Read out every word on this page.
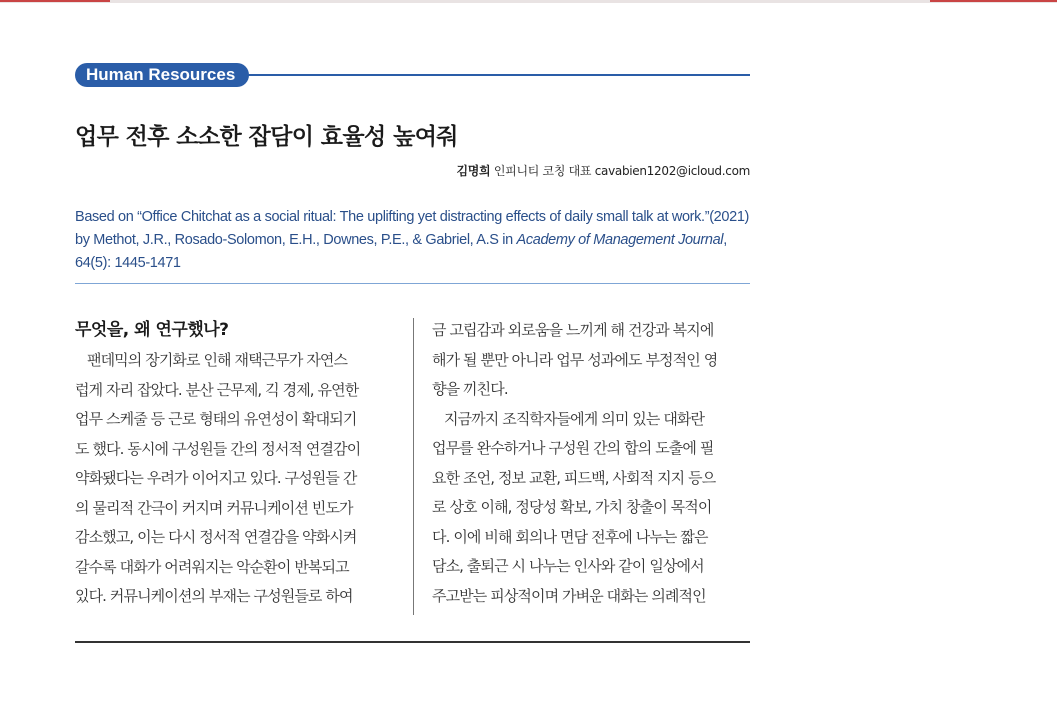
Human Resources
업무 전후 소소한 잡담이 효율성 높여줘
김명희 인피니티 코칭 대표 cavabien1202@icloud.com
Based on “Office Chitchat as a social ritual: The uplifting yet distracting effects of daily small talk at work.”(2021)
by Methot, J.R., Rosado-Solomon, E.H., Downes, P.E., & Gabriel, A.S in Academy of Management Journal,
64(5): 1445-1471
무엇을, 왜 연구했나?
팬데믹의 장기화로 인해 재택근무가 자연스
럽게 자리 잡았다. 분산 근무제, 긱 경제, 유연한
업무 스케줄 등 근로 형태의 유연성이 확대되기
도 했다. 동시에 구성원들 간의 정서적 연결감이
약화됐다는 우려가 이어지고 있다. 구성원들 간
의 물리적 간극이 커지며 커뮤니케이션 빈도가
감소했고, 이는 다시 정서적 연결감을 약화시켜
갈수록 대화가 어려워지는 악순환이 반복되고
있다. 커뮤니케이션의 부재는 구성원들로 하여
금 고립감과 외로움을 느끼게 해 건강과 복지에
해가 될 뿐만 아니라 업무 성과에도 부정적인 영
향을 끼친다.
지금까지 조직학자들에게 의미 있는 대화란
업무를 완수하거나 구성원 간의 합의 도출에 필
요한 조언, 정보 교환, 피드백, 사회적 지지 등으
로 상호 이해, 정당성 확보, 가치 창출이 목적이
다. 이에 비해 회의나 면담 전후에 나누는 짧은
담소, 출퇴근 시 나누는 인사와 같이 일상에서
주고받는 피상적이며 가벼운 대화는 의례적인
